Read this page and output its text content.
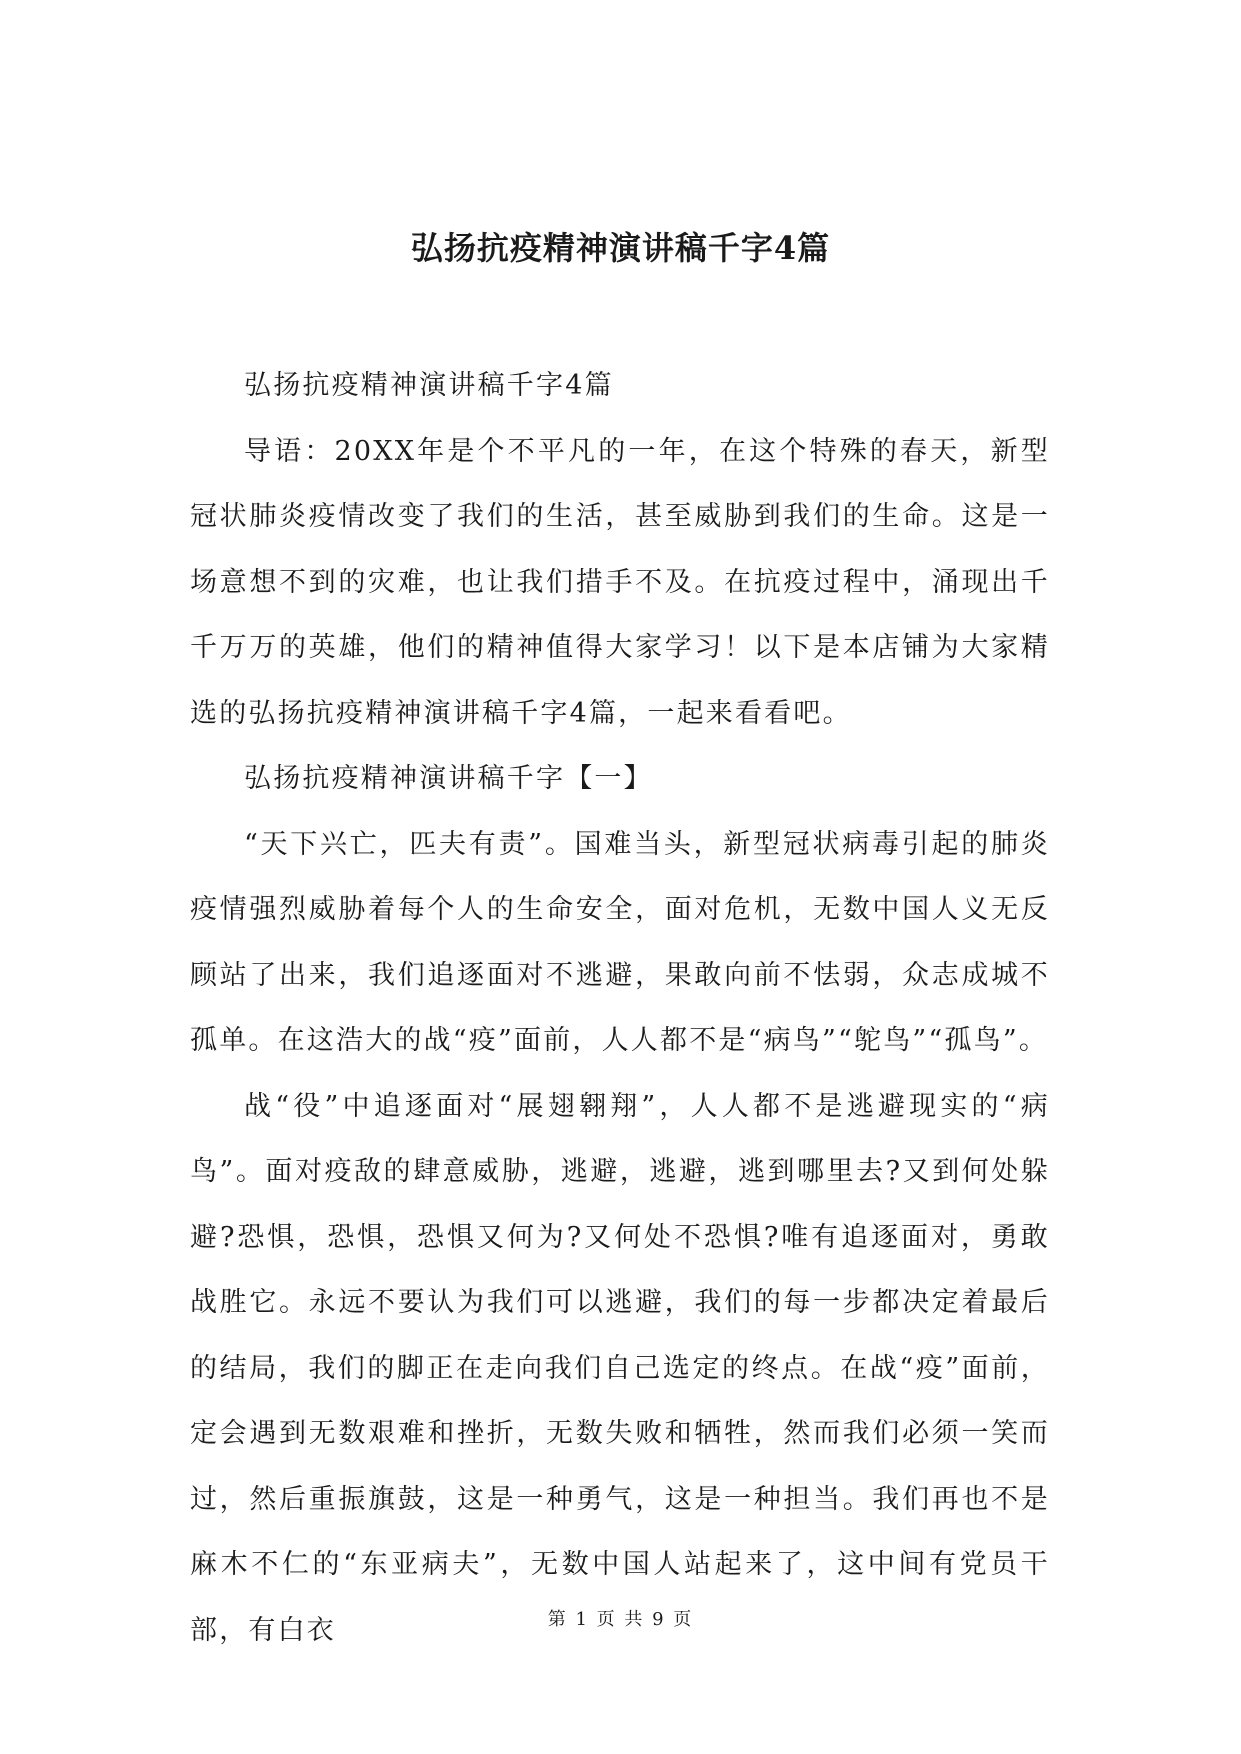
弘扬抗疫精神演讲稿千字4篇

弘扬抗疫精神演讲稿千字4篇

导语：20XX年是个不平凡的一年，在这个特殊的春天，新型冠状肺炎疫情改变了我们的生活，甚至威胁到我们的生命。这是一场意想不到的灾难，也让我们措手不及。在抗疫过程中，涌现出千千万万的英雄，他们的精神值得大家学习！以下是本店铺为大家精选的弘扬抗疫精神演讲稿千字4篇，一起来看看吧。

弘扬抗疫精神演讲稿千字【一】

“天下兴亡，匹夫有责”。国难当头，新型冠状病毒引起的肺炎疫情强烈威胁着每个人的生命安全，面对危机，无数中国人义无反顾站了出来，我们追逐面对不逃避，果敢向前不怯弱，众志成城不孤单。在这浩大的战“疫”面前，人人都不是“病鸟”“鸵鸟”“孤鸟”。

战“役”中追逐面对“展翅翱翔”，人人都不是逃避现实的“病鸟”。面对疫敌的肆意威胁，逃避，逃避，逃到哪里去?又到何处躲避?恐惧，恐惧，恐惧又何为?又何处不恐惧?唯有追逐面对，勇敢战胜它。永远不要认为我们可以逃避，我们的每一步都决定着最后的结局，我们的脚正在走向我们自己选定的终点。在战“疫”面前，定会遇到无数艰难和挫折，无数失败和牺牲，然而我们必须一笑而过，然后重振旗鼓，这是一种勇气，这是一种担当。我们再也不是麻木不仁的“东亚病夫”，无数中国人站起来了，这中间有党员干部，有白衣	第 1 页 共 9 页
